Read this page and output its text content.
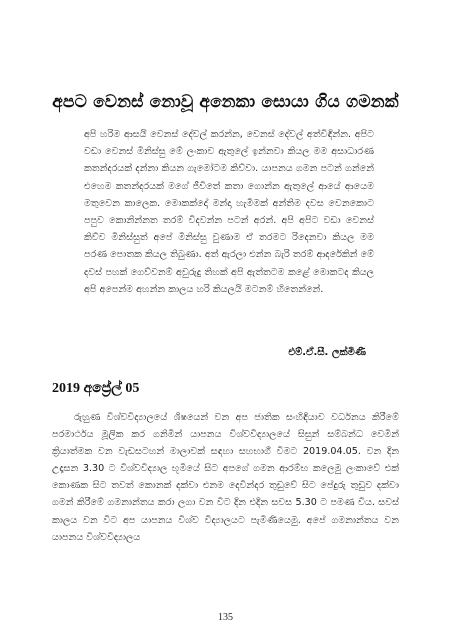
අපට වෙනස් නොවූ අනෙකා සොයා ගිය ගමනක්

අපි හරිම ආසයි වෙනස් දේවල් කරන්න, වෙනස් දේවල් අත්විඳින්න. අපිට වඩා වෙනස් මිනිස්සු මේ ලංකාව ඇතුලේ ඉන්නවා කියල මම අසාධාරණ කතන්දරයක් දන්නා කියන ගැමෝටම කිව්වා. යාපනය ගමන පටන් ගන්නේ එහෙම කතන්දරයක් මගේ ජීවිතේ කතා ගොන්න ඇතුලේ ආයේ ආයෙම මතුවෙන කාලෙක. මොකක්දෝ මන්දා හැමීමක් අන්තිම දවස වෙනකොට පපුව කොනින්නත තරම් විදවන්න පටන් අරන්. අපි අපිට වඩා වෙනස් කිව්ව මිනිස්සුත් අපේ මිනිස්සු වුණාම ඒ තරමට රිදෙනවා කියල මම පරණ පොතක කියල තිබුණා. අත් ඇරලා එන්න බැරි තරම් ආදරේකින් මේ දවස් පහක් ගෙව්වනම් අවුරුදු තිහක් අපි ඇත්තටම කළේ මොකටද කියල අපි අපෙන්ම අහන්න කාලය හරි කියලයි මටනම් හිතෙන්නේ.

එම්.ඒ.සී. ලක්මිණී

2019 අප්‍රේල් 05

රුහුණ විශ්වවිද්‍යාලයේ ශිෂයෙන් වන අප ජාතික සංහිඳියාව වර්ධනය කිරීමේ පරමාර්ථය මූලික කර ගනිමින් යාපනය විශ්වවිද්‍යාලයේ සිසුන් සම්බන්ධ වෙමින් ක්‍රියාත්මක වන වැඩසටහන් මාලාවක් සඳහා සහභාගී විමට 2019.04.05. වන දින උදෑසන 3.30 ට විශ්වවිද්‍යාල භූමියේ සිට අපගේ ගමන ආරම්භ කලෙමු ලංකාවේ එක් කොණක සිට තවත් කොනක් දක්වා එනම දෙවින්දර තුඩුවේ සිට පේදුරු තුඩුව දක්වා ගමන් කිරීමේ ගමනාන්තය කරා ලගා වන විට දින එදින සවස 5.30 ට පමණ විය. සවස් කාලය වන විට අප යාපනය විශ්ව විද්‍යාලයට පැමිණියෙමු. අපේ ගමනාන්තය වන යාපනය විශ්වවිද්‍යාලය

135
